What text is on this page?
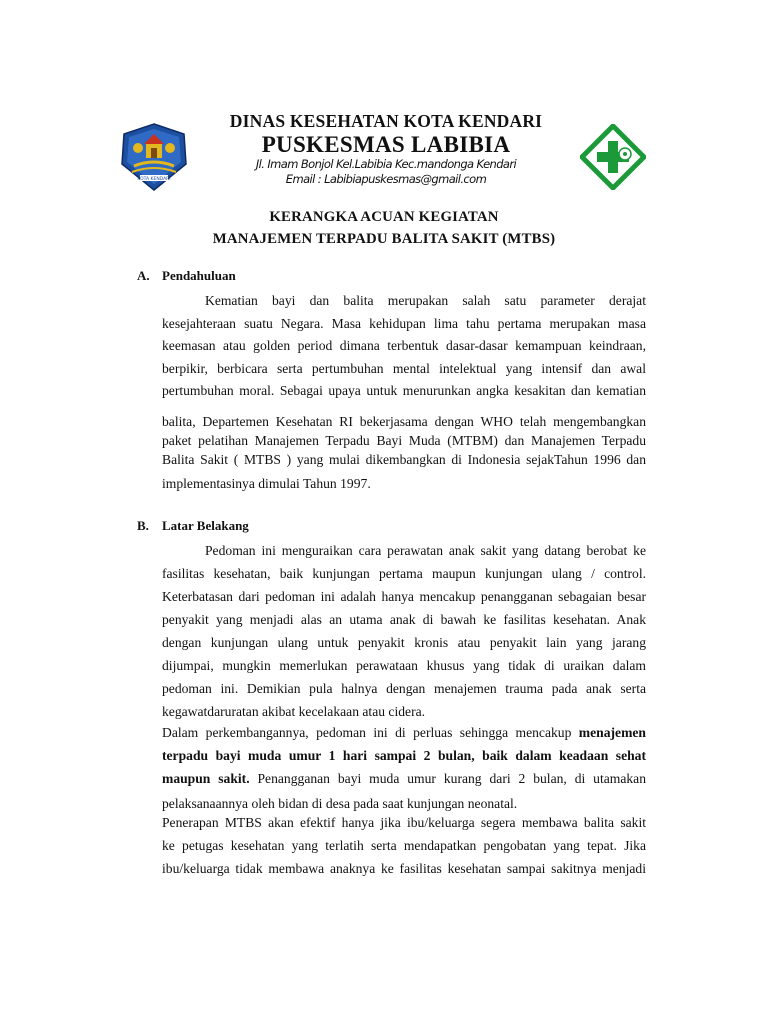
KOTA KENDARI
DINAS KESEHATAN KOTA KENDARI
PUSKESMAS LABIBIA
Jl. Imam Bonjol Kel.Labibia Kec.mandonga Kendari
Email : Labibiapuskesmas@gmail.com
KERANGKA ACUAN KEGIATAN
MANAJEMEN TERPADU BALITA SAKIT (MTBS)
A. Pendahuluan
Kematian bayi dan balita merupakan salah satu parameter derajat
kesejahteraan suatu Negara. Masa kehidupan lima tahu pertama merupakan masa
keemasan atau golden period dimana terbentuk dasar-dasar kemampuan keindraan,
berpikir, berbicara serta pertumbuhan mental intelektual yang intensif dan awal
pertumbuhan moral. Sebagai upaya untuk menurunkan angka kesakitan dan kematian
balita, Departemen Kesehatan RI bekerjasama dengan WHO telah mengembangkan
paket pelatihan Manajemen Terpadu Bayi Muda (MTBM) dan Manajemen Terpadu
Balita Sakit ( MTBS ) yang mulai dikembangkan di Indonesia sejakTahun 1996 dan
implementasinya dimulai Tahun 1997.
B. Latar Belakang
Pedoman ini menguraikan cara perawatan anak sakit yang datang berobat ke
fasilitas kesehatan, baik kunjungan pertama maupun kunjungan ulang / control.
Keterbatasan dari pedoman ini adalah hanya mencakup penangganan sebagaian besar
penyakit yang menjadi alas an utama anak di bawah ke fasilitas kesehatan. Anak
dengan kunjungan ulang untuk penyakit kronis atau penyakit lain yang jarang
dijumpai, mungkin memerlukan perawataan khusus yang tidak di uraikan dalam
pedoman ini. Demikian pula halnya dengan menajemen trauma pada anak serta
kegawatdaruratan akibat kecelakaan atau cidera.
Dalam perkembangannya, pedoman ini di perluas sehingga mencakup menajemen
terpadu bayi muda umur 1 hari sampai 2 bulan, baik dalam keadaan sehat
maupun sakit. Penangganan bayi muda umur kurang dari 2 bulan, di utamakan
pelaksanaannya oleh bidan di desa pada saat kunjungan neonatal.
Penerapan MTBS akan efektif hanya jika ibu/keluarga segera membawa balita sakit
ke petugas kesehatan yang terlatih serta mendapatkan pengobatan yang tepat. Jika
ibu/keluarga tidak membawa anaknya ke fasilitas kesehatan sampai sakitnya menjadi
